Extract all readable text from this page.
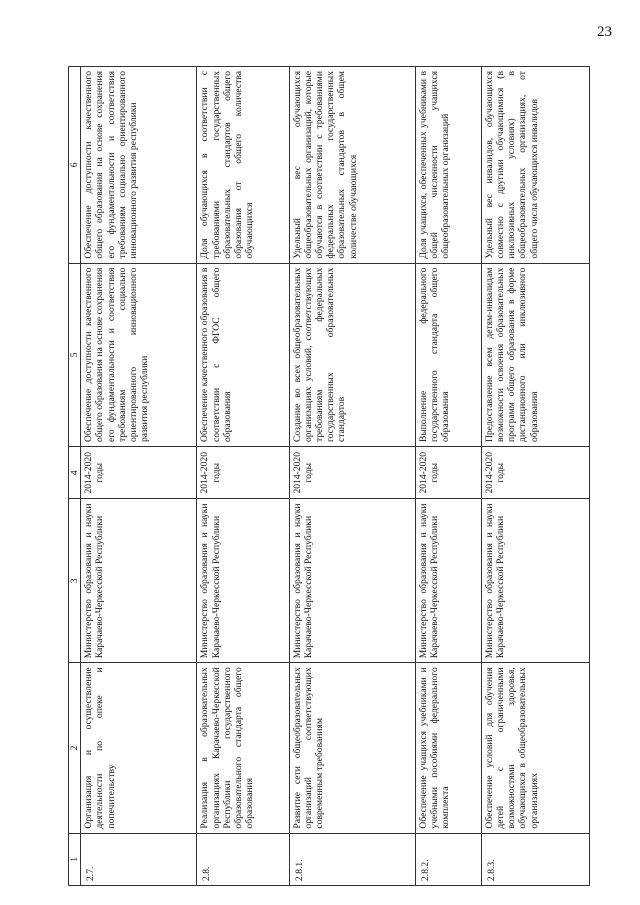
23
1	2	3	4	5	6
2.7.	Организация и осуществление деятельности по опеке и попечительству	Министерство образования и науки Карачаево-Черкесской Республики	2014-2020 годы	Обеспечение доступности качественного общего образования на основе сохранения его фундаментальности и соответствия требованиям социально ориентированного инновационного развития республики	Обеспечение доступности качественного общего образования на основе сохранения его фундаментальности и соответствия требованиям социально ориентированного инновационного развития республики
2.8.	Реализация в образовательных организациях Карачаево-Черкесской Республики государственного образовательного стандарта общего образования	Министерство образования и науки Карачаево-Черкесской Республики	2014-2020 годы	Обеспечение качественного образования в соответствии с ФГОС общего образования	Доля обучающихся в соответствии с требованиями государственных образовательных стандартов общего образования от общего количества обучающихся
2.8.1.	Развитие сети общеобразовательных организаций соответствующих современным требованиям	Министерство образования и науки Карачаево-Черкесской Республики	2014-2020 годы	Создание во всех общеобразовательных организациях условий, соответствующих требованиям федеральных государственных образовательных стандартов	Удельный вес обучающихся общеобразовательных организаций, которые обучаются в соответствии с требованиями федеральных государственных образовательных стандартов в общем количестве обучающихся
2.8.2.	Обеспечение учащихся учебниками и учебными пособиями федерального комплекта	Министерство образования и науки Карачаево-Черкесской Республики	2014-2020 годы	Выполнение федерального государственного стандарта общего образования	Доля учащихся, обеспеченных учебниками в общей численности учащихся общеобразовательных организаций
2.8.3.	Обеспечение условий для обучения детей с ограниченными возможностями здоровья, обучающихся в общеобразовательных организациях	Министерство образования и науки Карачаево-Черкесской Республики	2014-2020 годы	Предоставление всем детям-инвалидам возможности освоения образовательных программ общего образования в форме дистанционного или инклюзивного образования	Удельный вес инвалидов, обучающихся совместно с другими обучающимися (в инклюзивных условиях) в общеобразовательных организациях, от общего числа обучающихся инвалидов
